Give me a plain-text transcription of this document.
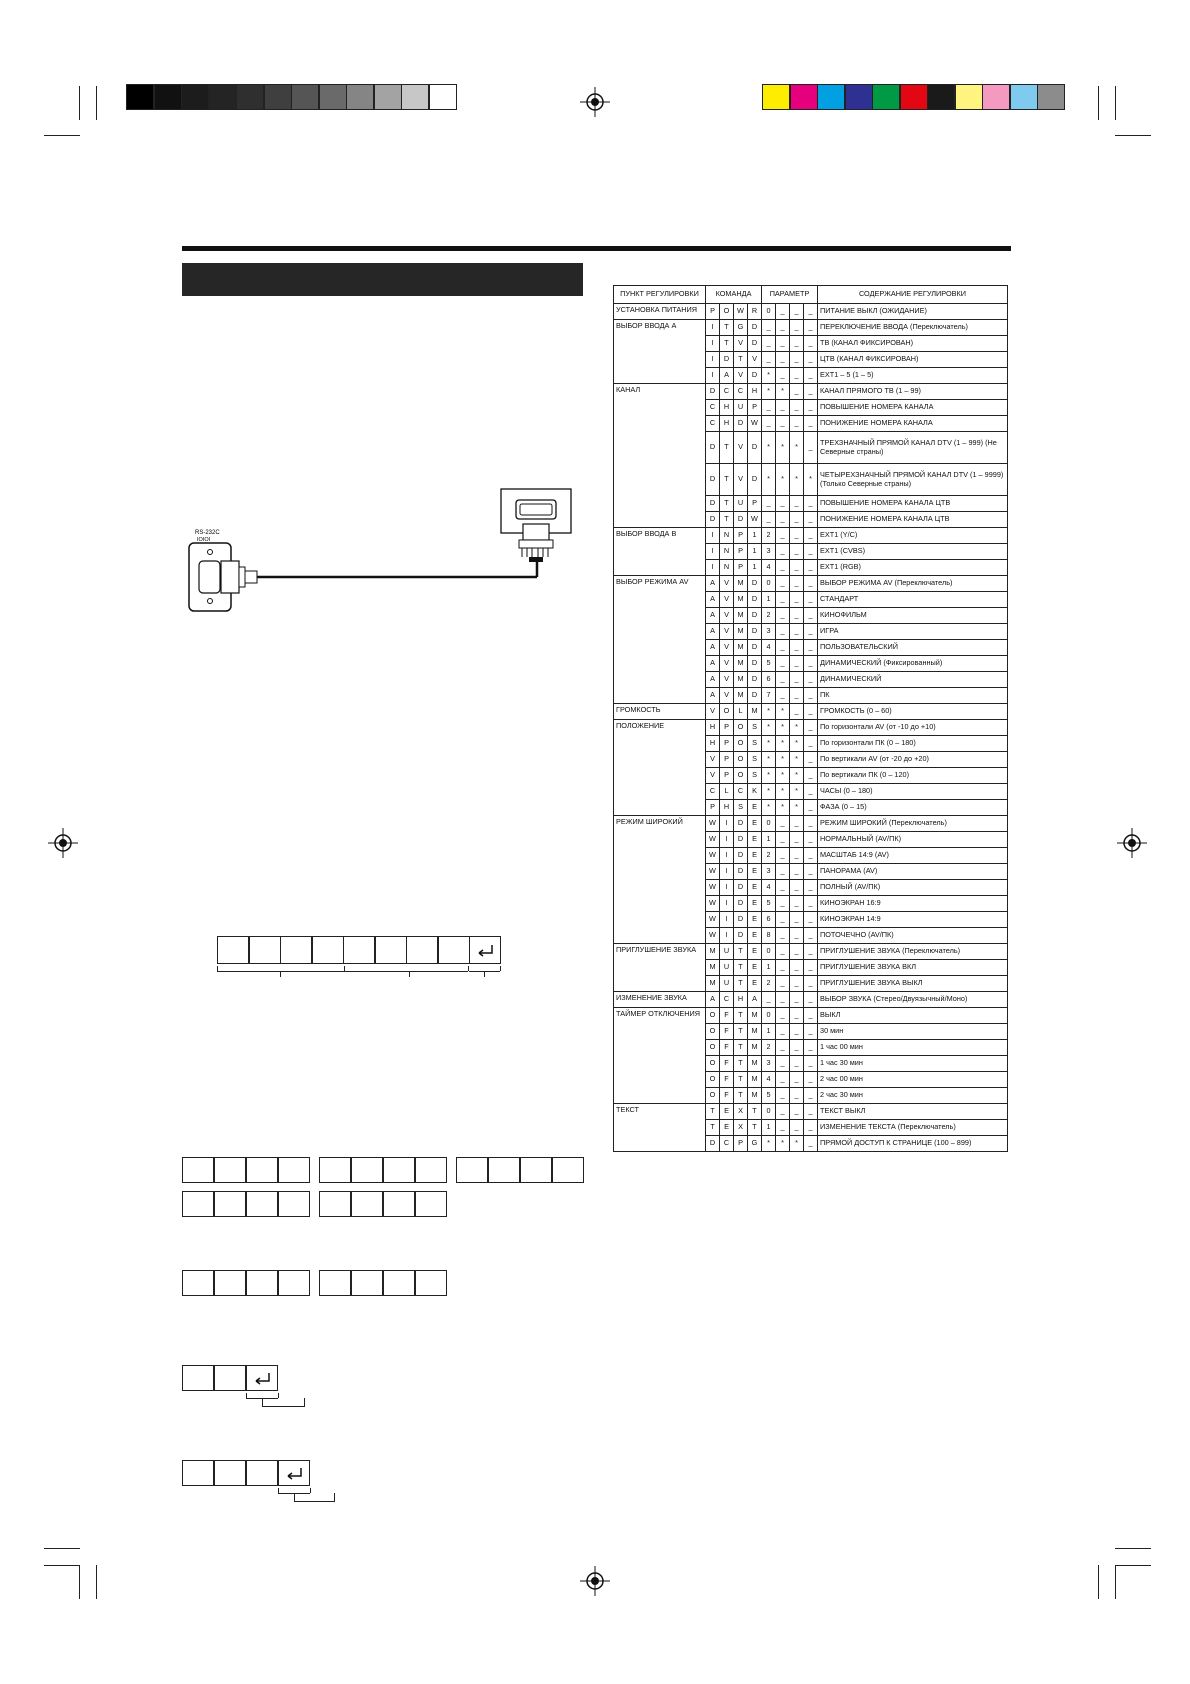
RS-232C
IOIOI
ПУНКТ РЕГУЛИРОВКИ	КОМАНДА				ПАРАМЕТР				СОДЕРЖАНИЕ РЕГУЛИРОВКИ
УСТАНОВКА ПИТАНИЯ	P	O	W	R	0	_	_	_	ПИТАНИЕ ВЫКЛ (ОЖИДАНИЕ)
ВЫБОР ВВОДА A	I	T	G	D	_	_	_	_	ПЕРЕКЛЮЧЕНИЕ ВВОДА (Переключатель)
	I	T	V	D	_	_	_	_	ТВ (КАНАЛ ФИКСИРОВАН)
	I	D	T	V	_	_	_	_	ЦТВ (КАНАЛ ФИКСИРОВАН)
	I	A	V	D	*	_	_	_	EXT1 – 5 (1 – 5)
КАНАЛ	D	C	C	H	*	*	_	_	КАНАЛ ПРЯМОГО ТВ (1 – 99)
	C	H	U	P	_	_	_	_	ПОВЫШЕНИЕ НОМЕРА КАНАЛА
	C	H	D	W	_	_	_	_	ПОНИЖЕНИЕ НОМЕРА КАНАЛА
	D	T	V	D	*	*	*	_	ТРЕХЗНАЧНЫЙ ПРЯМОЙ КАНАЛ DTV (1 – 999) (Не Северные страны)
	D	T	V	D	*	*	*	*	ЧЕТЫРЕХЗНАЧНЫЙ ПРЯМОЙ КАНАЛ DTV (1 – 9999) (Только Северные страны)
	D	T	U	P	_	_	_	_	ПОВЫШЕНИЕ НОМЕРА КАНАЛА ЦТВ
	D	T	D	W	_	_	_	_	ПОНИЖЕНИЕ НОМЕРА КАНАЛА ЦТВ
ВЫБОР ВВОДА B	I	N	P	1	2	_	_	_	EXT1 (Y/C)
	I	N	P	1	3	_	_	_	EXT1 (CVBS)
	I	N	P	1	4	_	_	_	EXT1 (RGB)
ВЫБОР РЕЖИМА AV	A	V	M	D	0	_	_	_	ВЫБОР РЕЖИМА AV (Переключатель)
	A	V	M	D	1	_	_	_	СТАНДАРТ
	A	V	M	D	2	_	_	_	КИНОФИЛЬМ
	A	V	M	D	3	_	_	_	ИГРА
	A	V	M	D	4	_	_	_	ПОЛЬЗОВАТЕЛЬСКИЙ
	A	V	M	D	5	_	_	_	ДИНАМИЧЕСКИЙ (Фиксированный)
	A	V	M	D	6	_	_	_	ДИНАМИЧЕСКИЙ
	A	V	M	D	7	_	_	_	ПК
ГРОМКОСТЬ	V	O	L	M	*	*	_	_	ГРОМКОСТЬ (0 – 60)
ПОЛОЖЕНИЕ	H	P	O	S	*	*	*	_	По горизонтали AV (от -10 до +10)
	H	P	O	S	*	*	*	_	По горизонтали ПК (0 – 180)
	V	P	O	S	*	*	*	_	По вертикали AV (от -20 до +20)
	V	P	O	S	*	*	*	_	По вертикали ПК (0 – 120)
	C	L	C	K	*	*	*	_	ЧАСЫ (0 – 180)
	P	H	S	E	*	*	*	_	ФАЗА (0 – 15)
РЕЖИМ ШИРОКИЙ	W	I	D	E	0	_	_	_	РЕЖИМ ШИРОКИЙ (Переключатель)
	W	I	D	E	1	_	_	_	НОРМАЛЬНЫЙ (AV/ПК)
	W	I	D	E	2	_	_	_	МАСШТАБ 14:9 (AV)
	W	I	D	E	3	_	_	_	ПАНОРАМА (AV)
	W	I	D	E	4	_	_	_	ПОЛНЫЙ (AV/ПК)
	W	I	D	E	5	_	_	_	КИНОЭКРАН 16:9
	W	I	D	E	6	_	_	_	КИНОЭКРАН 14:9
	W	I	D	E	8	_	_	_	ПОТОЧЕЧНО (AV/ПК)
ПРИГЛУШЕНИЕ ЗВУКА	M	U	T	E	0	_	_	_	ПРИГЛУШЕНИЕ ЗВУКА (Переключатель)
	M	U	T	E	1	_	_	_	ПРИГЛУШЕНИЕ ЗВУКА ВКЛ
	M	U	T	E	2	_	_	_	ПРИГЛУШЕНИЕ ЗВУКА ВЫКЛ
ИЗМЕНЕНИЕ ЗВУКА	A	C	H	A	_	_	_	_	ВЫБОР ЗВУКА (Стерео/Двуязычный/Моно)
ТАЙМЕР ОТКЛЮЧЕНИЯ	O	F	T	M	0	_	_	_	ВЫКЛ
	O	F	T	M	1	_	_	_	30 мин
	O	F	T	M	2	_	_	_	1 час 00 мин
	O	F	T	M	3	_	_	_	1 час 30 мин
	O	F	T	M	4	_	_	_	2 час 00 мин
	O	F	T	M	5	_	_	_	2 час 30 мин
ТЕКСТ	T	E	X	T	0	_	_	_	ТЕКСТ ВЫКЛ
	T	E	X	T	1	_	_	_	ИЗМЕНЕНИЕ ТЕКСТА (Переключатель)
	D	C	P	G	*	*	*	_	ПРЯМОЙ ДОСТУП К СТРАНИЦЕ (100 – 899)
